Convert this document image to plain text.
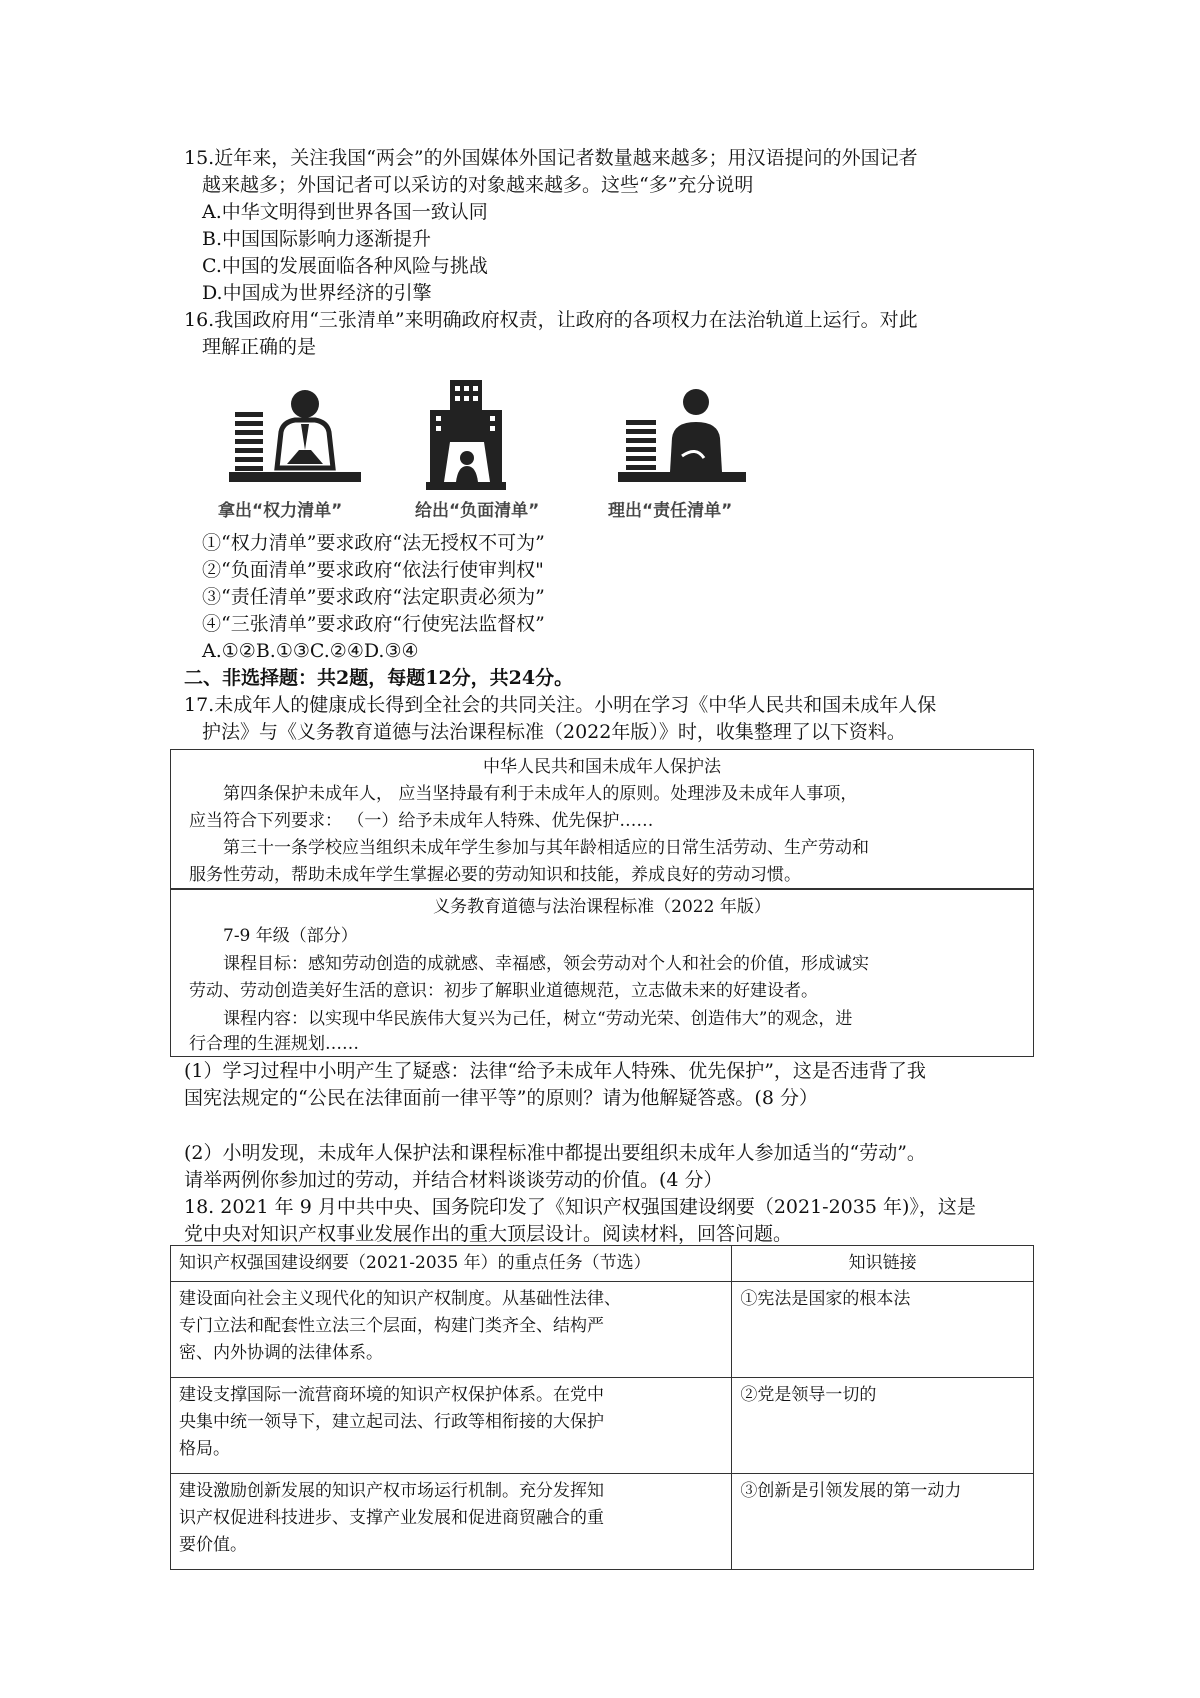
15.近年来，关注我国“两会”的外国媒体外国记者数量越来越多；用汉语提问的外国记者
越来越多；外国记者可以采访的对象越来越多。这些“多”充分说明
A.中华文明得到世界各国一致认同
B.中国国际影响力逐渐提升
C.中国的发展面临各种风险与挑战
D.中国成为世界经济的引擎
16.我国政府用“三张清单”来明确政府权责，让政府的各项权力在法治轨道上运行。对此
理解正确的是
拿出“权力清单”	给出“负面清单”	理出“责任清单”
①“权力清单”要求政府“法无授权不可为”
②“负面清单”要求政府“依法行使审判权"
③“责任清单”要求政府“法定职责必须为”
④“三张清单”要求政府“行使宪法监督权”
A.①②B.①③C.②④D.③④
二、非选择题：共2题，每题12分，共24分。
17.未成年人的健康成长得到全社会的共同关注。小明在学习《中华人民共和国未成年人保
护法》与《义务教育道德与法治课程标准（2022年版）》时，收集整理了以下资料。
中华人民共和国未成年人保护法
第四条保护未成年人， 应当坚持最有利于未成年人的原则。处理涉及未成年人事项，
应当符合下列要求： （一）给予未成年人特殊、优先保护……
第三十一条学校应当组织未成年学生参加与其年龄相适应的日常生活劳动、生产劳动和
服务性劳动，帮助未成年学生掌握必要的劳动知识和技能，养成良好的劳动习惯。
义务教育道德与法治课程标准（2022 年版）
7-9 年级（部分）
课程目标：感知劳动创造的成就感、幸福感，领会劳动对个人和社会的价值，形成诚实
劳动、劳动创造美好生活的意识：初步了解职业道德规范，立志做未来的好建设者。
课程内容：以实现中华民族伟大复兴为己任，树立“劳动光荣、创造伟大”的观念，进
行合理的生涯规划……
(1）学习过程中小明产生了疑惑：法律“给予未成年人特殊、优先保护”，这是否违背了我
国宪法规定的“公民在法律面前一律平等”的原则？请为他解疑答惑。(8 分）
(2）小明发现，未成年人保护法和课程标准中都提出要组织未成年人参加适当的“劳动”。
请举两例你参加过的劳动，并结合材料谈谈劳动的价值。(4 分）
18. 2021 年 9 月中共中央、国务院印发了《知识产权强国建设纲要（2021-2035 年)》，这是
党中央对知识产权事业发展作出的重大顶层设计。阅读材料，回答问题。
知识产权强国建设纲要（2021-2035 年）的重点任务（节选）	知识链接

建设面向社会主义现代化的知识产权制度。从基础性法律、
专门立法和配套性立法三个层面，构建门类齐全、结构严
密、内外协调的法律体系。	①宪法是国家的根本法

建设支撑国际一流营商环境的知识产权保护体系。在党中
央集中统一领导下，建立起司法、行政等相衔接的大保护
格局。	②党是领导一切的

建设激励创新发展的知识产权市场运行机制。充分发挥知
识产权促进科技进步、支撑产业发展和促进商贸融合的重
要价值。	③创新是引领发展的第一动力
